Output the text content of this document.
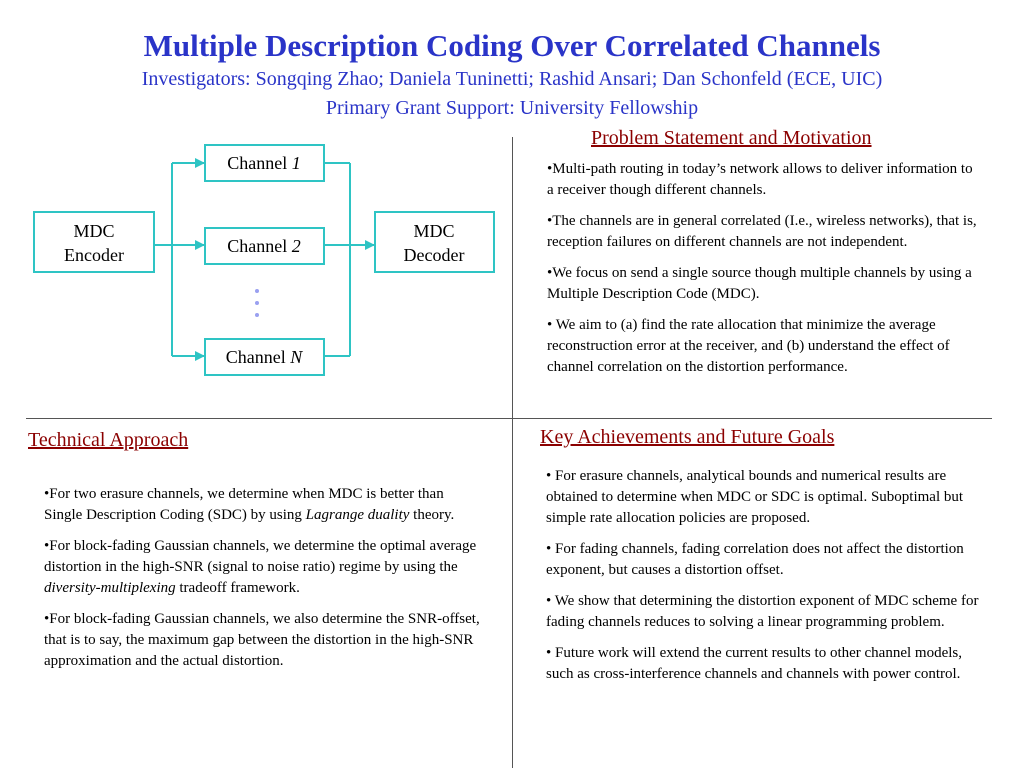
Multiple Description Coding Over Correlated Channels
Investigators: Songqing Zhao; Daniela Tuninetti; Rashid Ansari; Dan Schonfeld (ECE, UIC)
Primary Grant Support: University Fellowship
MDC
Encoder
MDC
Decoder
Channel 1
Channel 2
Channel N
Problem Statement and Motivation

•Multi-path routing in today’s network allows to deliver information to a receiver though different channels.

•The channels are in general correlated (I.e., wireless networks), that is, reception failures on different channels are not independent.

•We focus on send a single source though multiple channels by using a Multiple Description Code (MDC).

• We aim to (a) find the rate allocation that minimize the average reconstruction error at the receiver, and (b) understand the effect of channel correlation on the distortion performance.

Technical Approach

•For two erasure channels, we determine when MDC is better than Single Description Coding (SDC) by using Lagrange duality theory.

•For block-fading Gaussian channels, we determine the optimal average distortion in the high-SNR (signal to noise ratio) regime by using the diversity-multiplexing tradeoff framework.

•For block-fading Gaussian channels, we also determine the SNR-offset, that is to say, the maximum gap between the distortion in the high-SNR approximation and the actual distortion.

Key Achievements and Future Goals

• For erasure channels, analytical bounds and numerical results are obtained to determine when MDC or SDC is optimal. Suboptimal but simple rate allocation policies are proposed.

• For fading channels, fading correlation does not affect the distortion exponent, but causes a distortion offset.

• We show that determining the distortion exponent of MDC scheme for fading channels reduces to solving a linear programming problem.

• Future work will extend the current results to other channel models, such as cross-interference channels and channels with power control.
